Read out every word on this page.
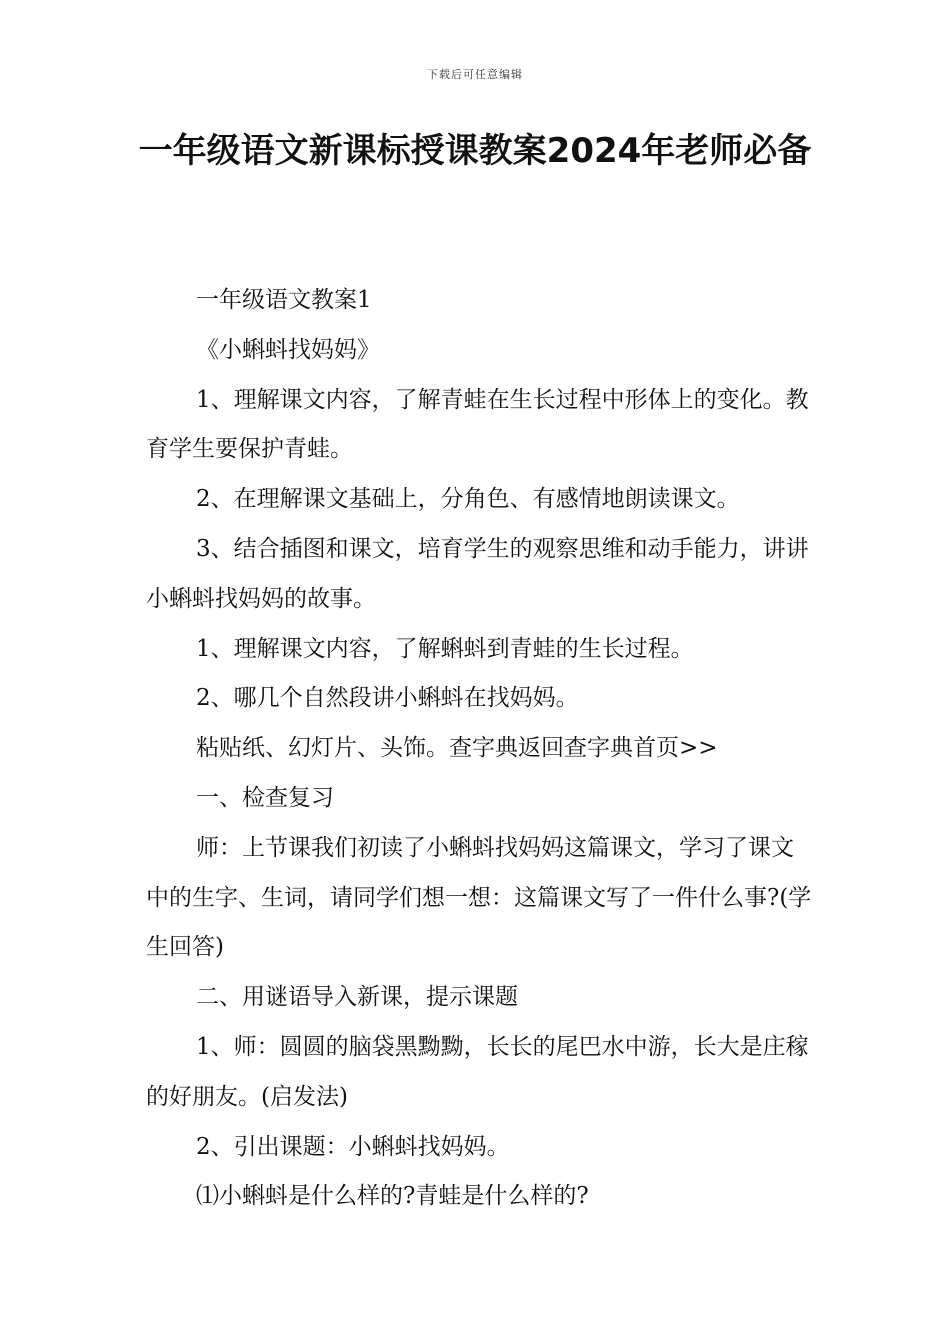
下载后可任意编辑
一年级语文新课标授课教案2024年老师必备

一年级语文教案1

《小蝌蚪找妈妈》

1、理解课文内容，了解青蛙在生长过程中形体上的变化。教育学生要保护青蛙。

2、在理解课文基础上，分角色、有感情地朗读课文。

3、结合插图和课文，培育学生的观察思维和动手能力，讲讲小蝌蚪找妈妈的故事。

1、理解课文内容，了解蝌蚪到青蛙的生长过程。

2、哪几个自然段讲小蝌蚪在找妈妈。

粘贴纸、幻灯片、头饰。查字典返回查字典首页>>

一、检查复习

师：上节课我们初读了小蝌蚪找妈妈这篇课文，学习了课文中的生字、生词，请同学们想一想：这篇课文写了一件什么事?(学生回答)

二、用谜语导入新课，提示课题

1、师：圆圆的脑袋黑黝黝，长长的尾巴水中游，长大是庄稼的好朋友。(启发法)

2、引出课题：小蝌蚪找妈妈。

⑴小蝌蚪是什么样的?青蛙是什么样的?
